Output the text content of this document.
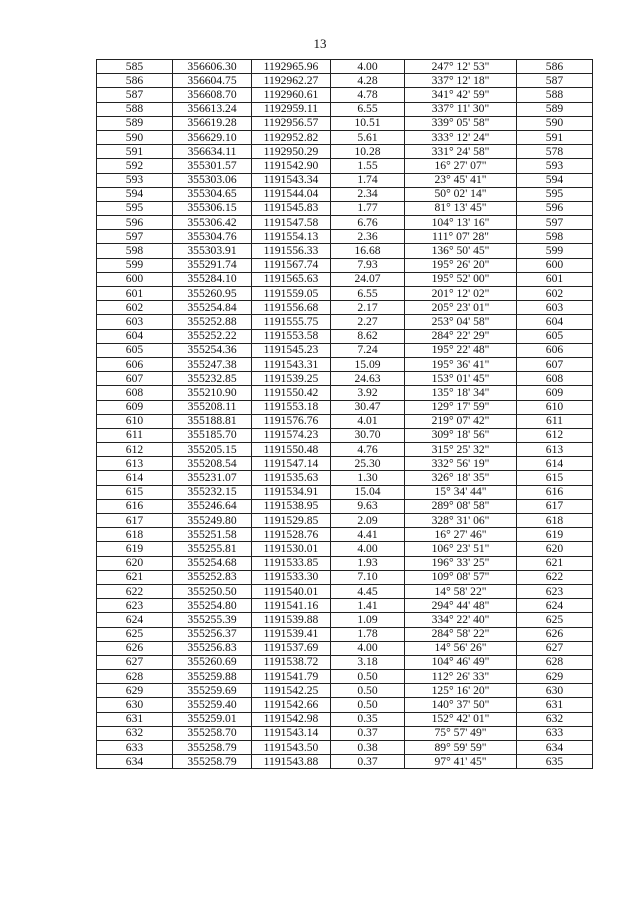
13
585	356606.30	1192965.96	4.00	247° 12' 53"	586
586	356604.75	1192962.27	4.28	337° 12' 18"	587
587	356608.70	1192960.61	4.78	341° 42' 59"	588
588	356613.24	1192959.11	6.55	337° 11' 30"	589
589	356619.28	1192956.57	10.51	339° 05' 58"	590
590	356629.10	1192952.82	5.61	333° 12' 24"	591
591	356634.11	1192950.29	10.28	331° 24' 58"	578
592	355301.57	1191542.90	1.55	16° 27' 07"	593
593	355303.06	1191543.34	1.74	23° 45' 41"	594
594	355304.65	1191544.04	2.34	50° 02' 14"	595
595	355306.15	1191545.83	1.77	81° 13' 45"	596
596	355306.42	1191547.58	6.76	104° 13' 16"	597
597	355304.76	1191554.13	2.36	111° 07' 28"	598
598	355303.91	1191556.33	16.68	136° 50' 45"	599
599	355291.74	1191567.74	7.93	195° 26' 20"	600
600	355284.10	1191565.63	24.07	195° 52' 00"	601
601	355260.95	1191559.05	6.55	201° 12' 02"	602
602	355254.84	1191556.68	2.17	205° 23' 01"	603
603	355252.88	1191555.75	2.27	253° 04' 58"	604
604	355252.22	1191553.58	8.62	284° 22' 29"	605
605	355254.36	1191545.23	7.24	195° 22' 48"	606
606	355247.38	1191543.31	15.09	195° 36' 41"	607
607	355232.85	1191539.25	24.63	153° 01' 45"	608
608	355210.90	1191550.42	3.92	135° 18' 34"	609
609	355208.11	1191553.18	30.47	129° 17' 59"	610
610	355188.81	1191576.76	4.01	219° 07' 42"	611
611	355185.70	1191574.23	30.70	309° 18' 56"	612
612	355205.15	1191550.48	4.76	315° 25' 32"	613
613	355208.54	1191547.14	25.30	332° 56' 19"	614
614	355231.07	1191535.63	1.30	326° 18' 35"	615
615	355232.15	1191534.91	15.04	15° 34' 44"	616
616	355246.64	1191538.95	9.63	289° 08' 58"	617
617	355249.80	1191529.85	2.09	328° 31' 06"	618
618	355251.58	1191528.76	4.41	16° 27' 46"	619
619	355255.81	1191530.01	4.00	106° 23' 51"	620
620	355254.68	1191533.85	1.93	196° 33' 25"	621
621	355252.83	1191533.30	7.10	109° 08' 57"	622
622	355250.50	1191540.01	4.45	14° 58' 22"	623
623	355254.80	1191541.16	1.41	294° 44' 48"	624
624	355255.39	1191539.88	1.09	334° 22' 40"	625
625	355256.37	1191539.41	1.78	284° 58' 22"	626
626	355256.83	1191537.69	4.00	14° 56' 26"	627
627	355260.69	1191538.72	3.18	104° 46' 49"	628
628	355259.88	1191541.79	0.50	112° 26' 33"	629
629	355259.69	1191542.25	0.50	125° 16' 20"	630
630	355259.40	1191542.66	0.50	140° 37' 50"	631
631	355259.01	1191542.98	0.35	152° 42' 01"	632
632	355258.70	1191543.14	0.37	75° 57' 49"	633
633	355258.79	1191543.50	0.38	89° 59' 59"	634
634	355258.79	1191543.88	0.37	97° 41' 45"	635
